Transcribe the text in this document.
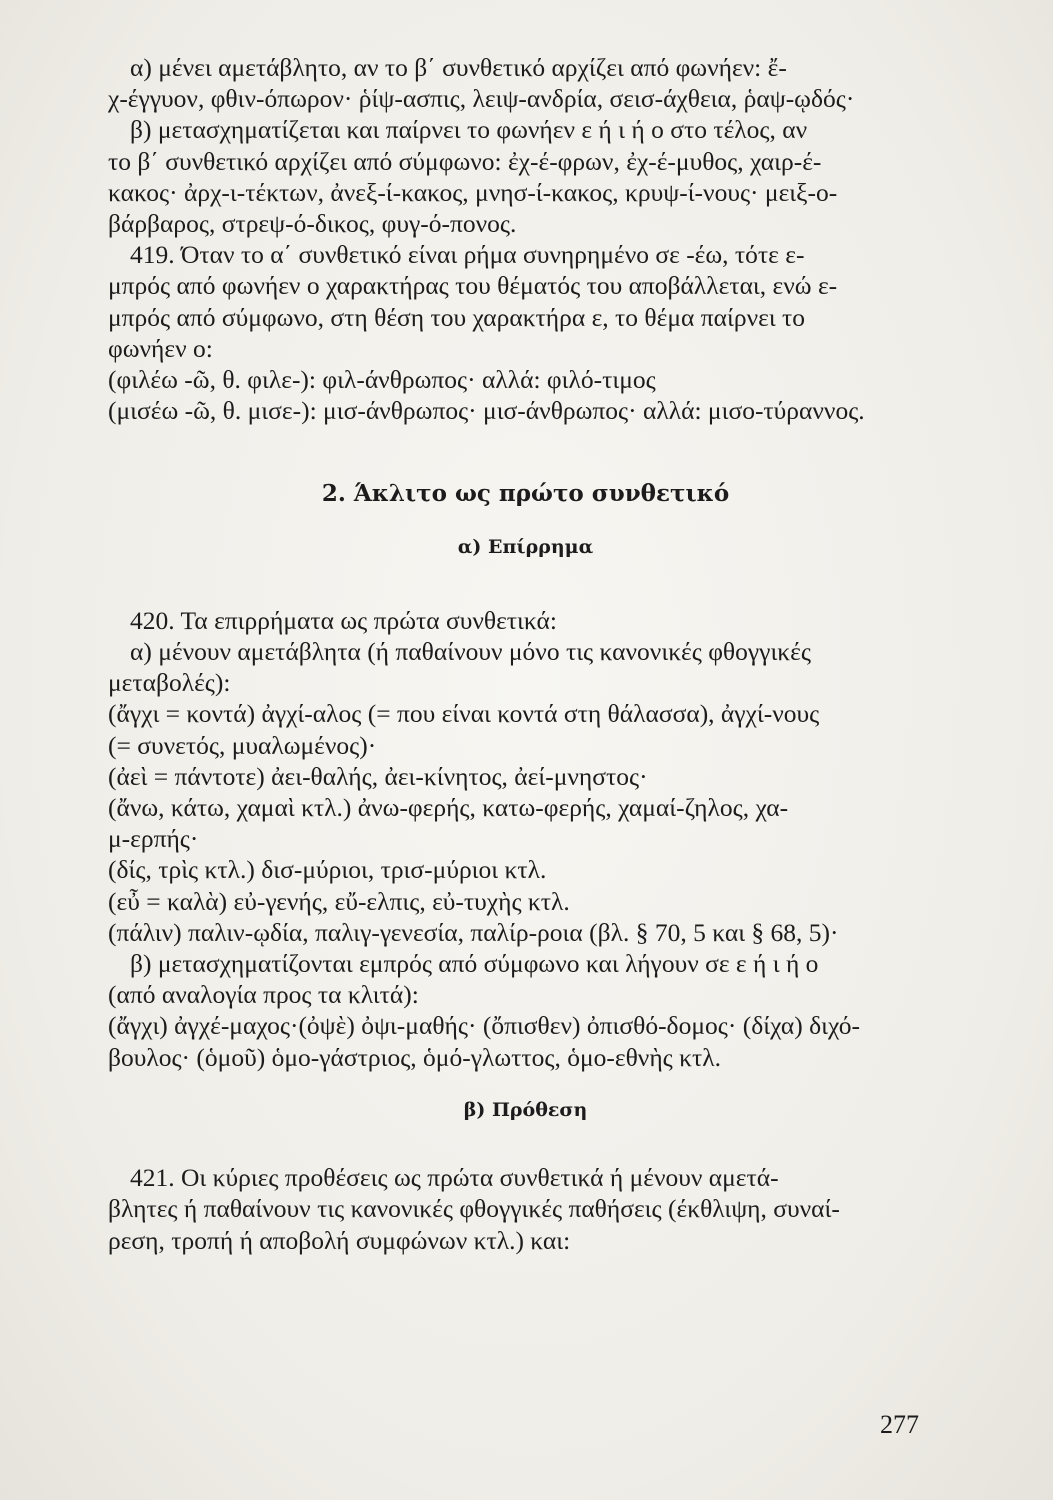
α) μένει αμετάβλητο, αν το β΄ συνθετικό αρχίζει από φωνήεν: ἔ-

χ-έγγυον, φθιν-όπωρον· ῥίψ-ασπις, λειψ-ανδρία, σεισ-άχθεια, ῥαψ-ῳδός·

β) μετασχηματίζεται και παίρνει το φωνήεν ε ή ι ή ο στο τέλος, αν

το β΄ συνθετικό αρχίζει από σύμφωνο: ἐχ-έ-φρων, ἐχ-έ-μυθος, χαιρ-έ-

κακος· ἀρχ-ι-τέκτων, ἀνεξ-ί-κακος, μνησ-ί-κακος, κρυψ-ί-νους· μειξ-ο-

βάρβαρος, στρεψ-ό-δικος, φυγ-ό-πονος.

419. Όταν το α΄ συνθετικό είναι ρήμα συνηρημένο σε -έω, τότε ε-

μπρός από φωνήεν ο χαρακτήρας του θέματός του αποβάλλεται, ενώ ε-

μπρός από σύμφωνο, στη θέση του χαρακτήρα ε, το θέμα παίρνει το

φωνήεν ο:

(φιλέω -ῶ, θ. φιλε-): φιλ-άνθρωπος· αλλά: φιλό-τιμος

(μισέω -ῶ, θ. μισε-): μισ-άνθρωπος· μισ-άνθρωπος· αλλά: μισο-τύραννος.

2. Άκλιτο ως πρώτο συνθετικό

α) Επίρρημα

420. Τα επιρρήματα ως πρώτα συνθετικά:

α) μένουν αμετάβλητα (ή παθαίνουν μόνο τις κανονικές φθογγικές

μεταβολές):

(ἄγχι = κοντά) ἀγχί-αλος (= που είναι κοντά στη θάλασσα), ἀγχί-νους

(= συνετός, μυαλωμένος)·

(ἀεὶ = πάντοτε) ἀει-θαλής, ἀει-κίνητος, ἀεί-μνηστος·

(ἄνω, κάτω, χαμαὶ κτλ.) ἀνω-φερής, κατω-φερής, χαμαί-ζηλος, χα-

μ-ερπής·

(δίς, τρὶς κτλ.) δισ-μύριοι, τρισ-μύριοι κτλ.

(εὖ = καλὰ) εὐ-γενής, εὔ-ελπις, εὐ-τυχὴς κτλ.

(πάλιν) παλιν-ῳδία, παλιγ-γενεσία, παλίρ-ροια (βλ. § 70, 5 και § 68, 5)·

β) μετασχηματίζονται εμπρός από σύμφωνο και λήγουν σε ε ή ι ή ο

(από αναλογία προς τα κλιτά):

(ἄγχι) ἀγχέ-μαχος·(ὀψὲ) ὀψι-μαθής· (ὄπισθεν) ὀπισθό-δομος· (δίχα) διχό-

βουλος· (ὁμοῦ) ὁμο-γάστριος, ὁμό-γλωττος, ὁμο-εθνὴς κτλ.

β) Πρόθεση

421. Οι κύριες προθέσεις ως πρώτα συνθετικά ή μένουν αμετά-

βλητες ή παθαίνουν τις κανονικές φθογγικές παθήσεις (έκθλιψη, συναί-

ρεση, τροπή ή αποβολή συμφώνων κτλ.) και:

277
